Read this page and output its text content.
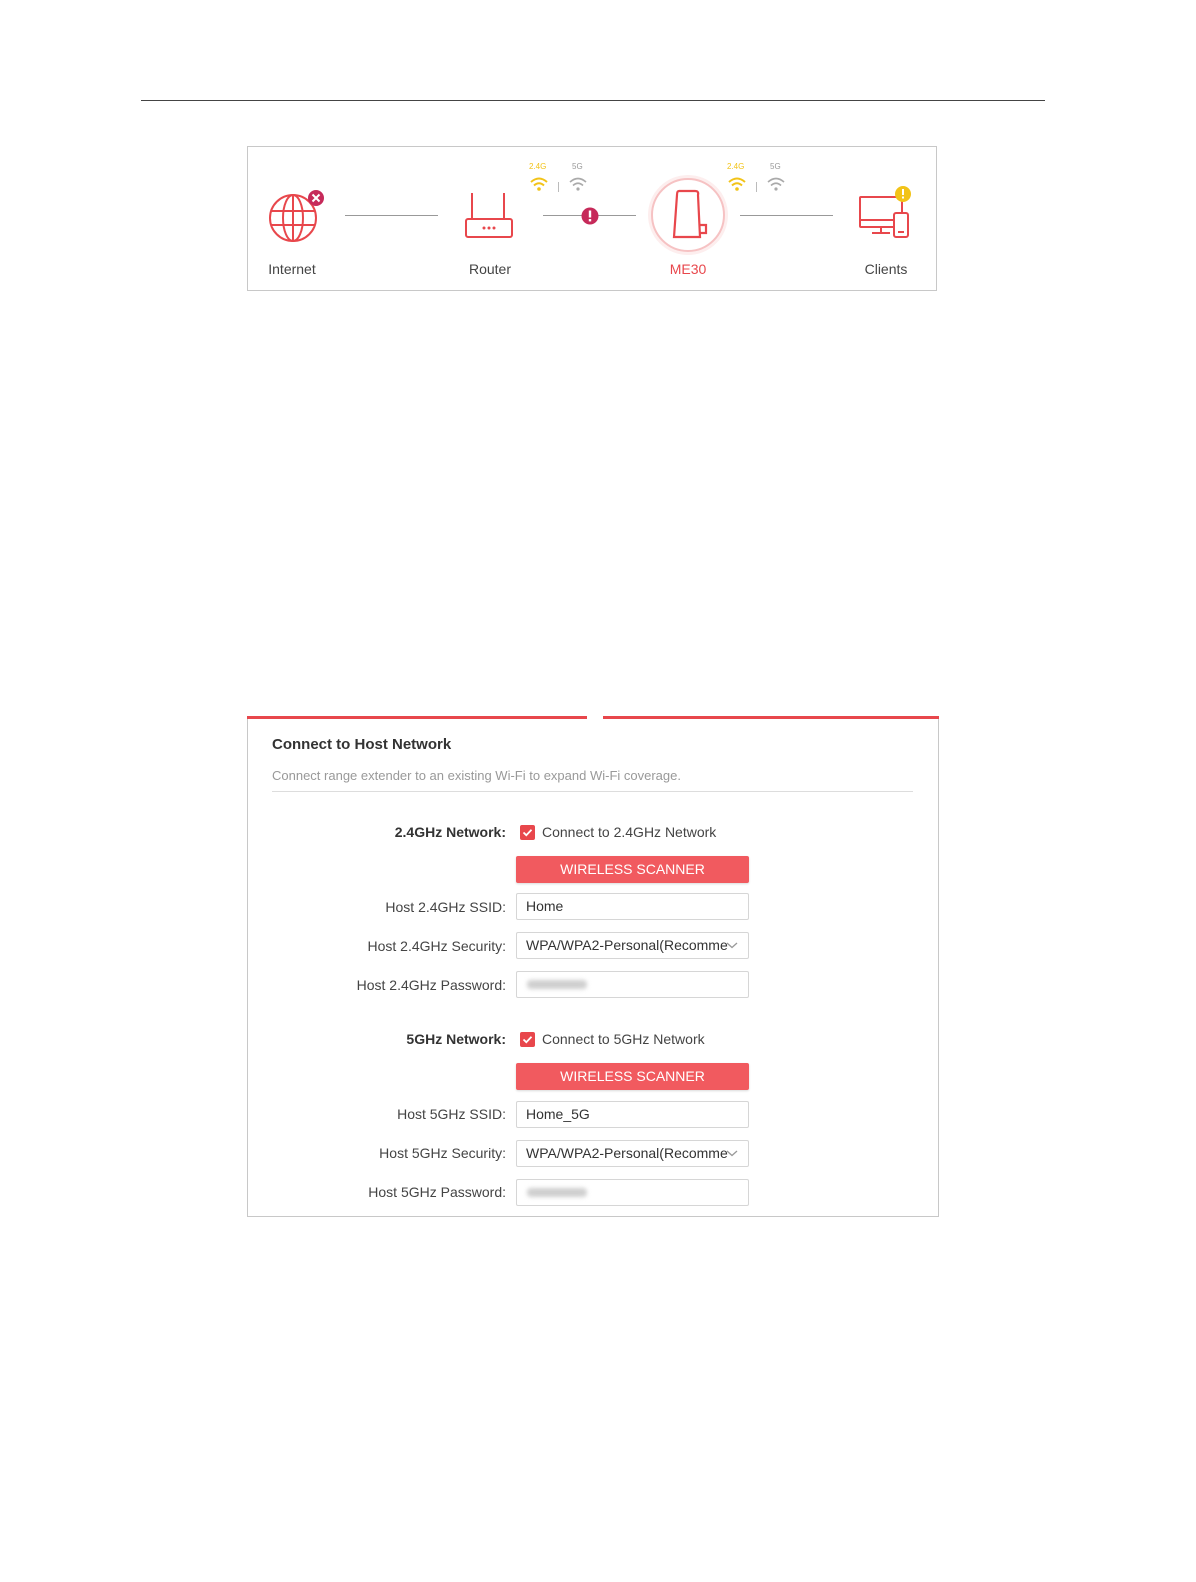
Internet	Router
2.4G	5G
ME30
2.4G	5G
Clients
Connect to Host Network
Connect range extender to an existing Wi-Fi to expand Wi-Fi coverage.
2.4GHz Network:	Connect to 2.4GHz Network
WIRELESS SCANNER
Host 2.4GHz SSID:	Home
Host 2.4GHz Security:	WPA/WPA2-Personal(Recomme
Host 2.4GHz Password:
5GHz Network:	Connect to 5GHz Network
WIRELESS SCANNER
Host 5GHz SSID:	Home_5G
Host 5GHz Security:	WPA/WPA2-Personal(Recomme
Host 5GHz Password:
